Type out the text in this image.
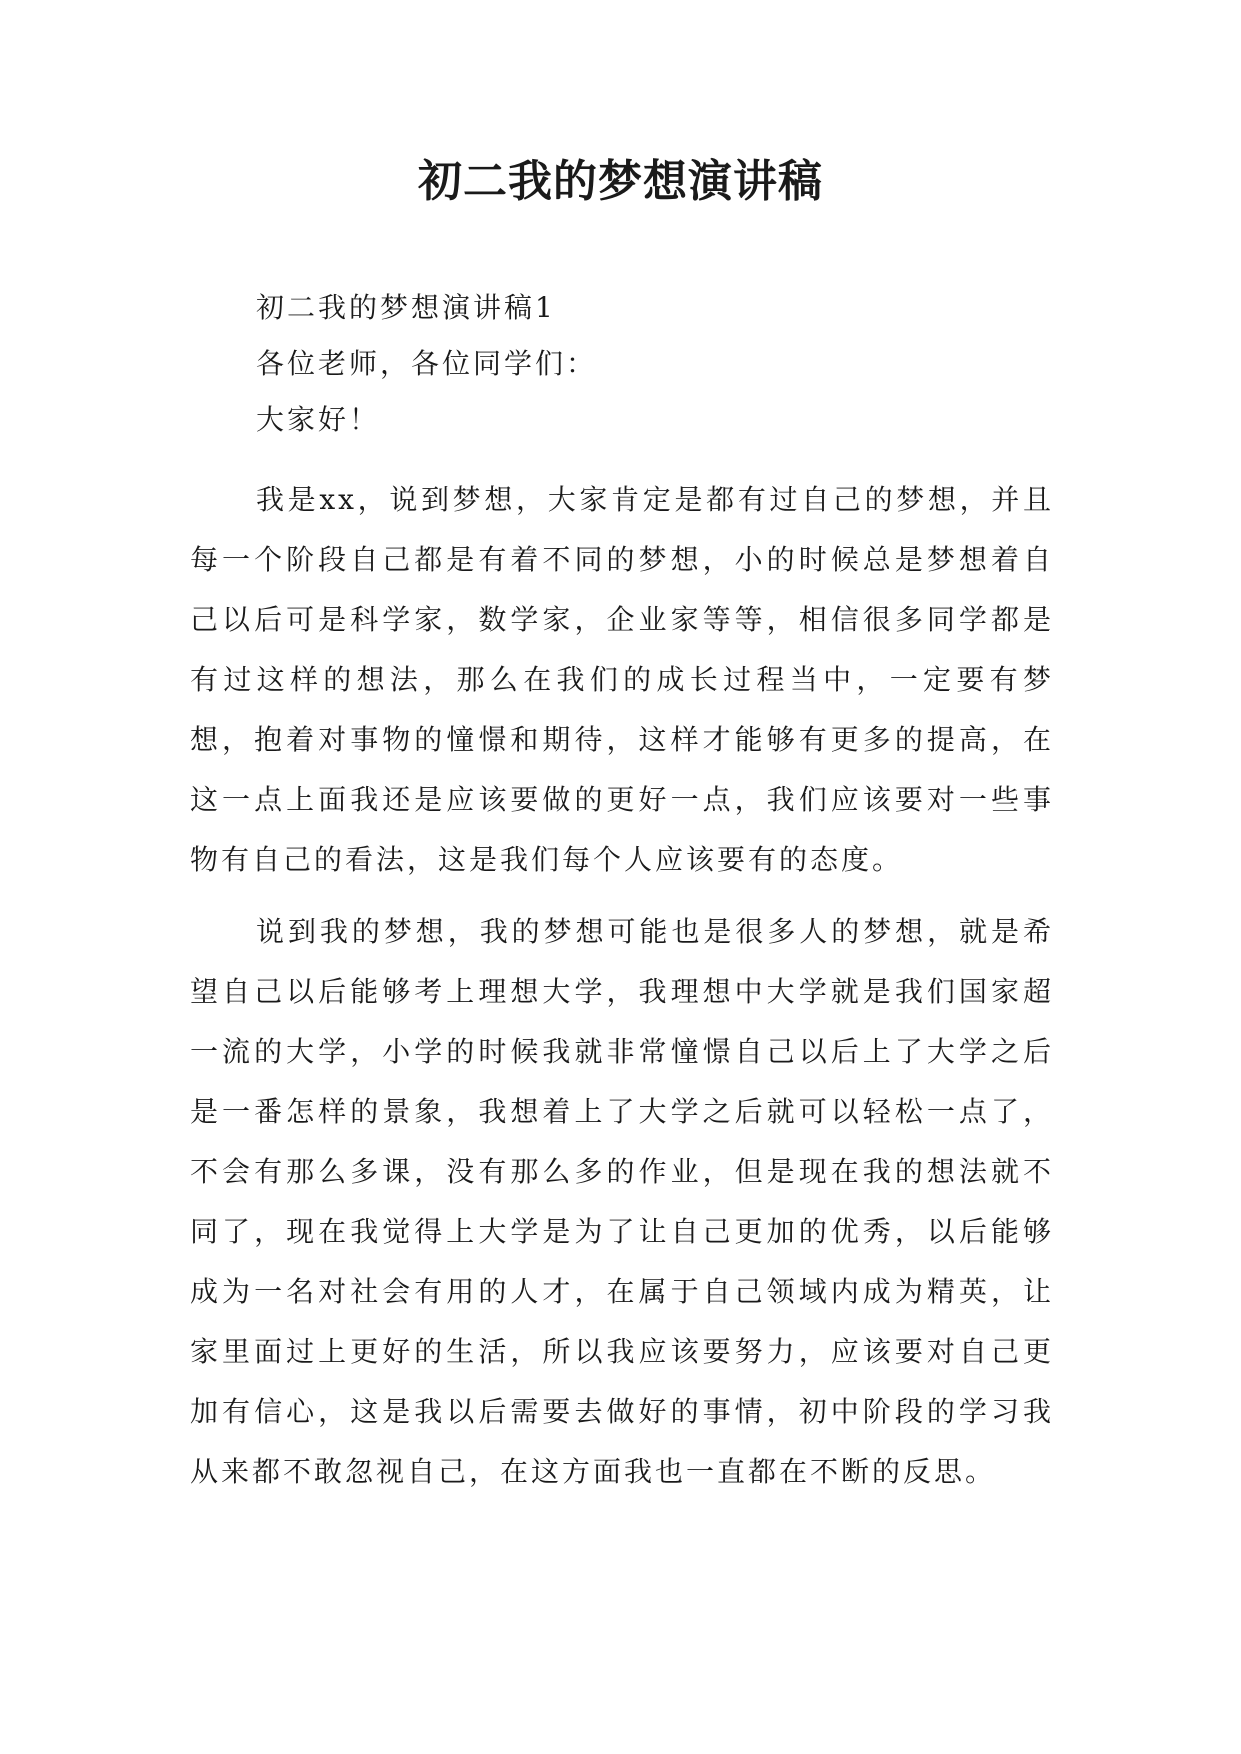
初二我的梦想演讲稿

初二我的梦想演讲稿1

各位老师，各位同学们：

大家好！

我是xx，说到梦想，大家肯定是都有过自己的梦想，并且每一个阶段自己都是有着不同的梦想，小的时候总是梦想着自己以后可是科学家，数学家，企业家等等，相信很多同学都是有过这样的想法，那么在我们的成长过程当中，一定要有梦想，抱着对事物的憧憬和期待，这样才能够有更多的提高，在这一点上面我还是应该要做的更好一点，我们应该要对一些事物有自己的看法，这是我们每个人应该要有的态度。

说到我的梦想，我的梦想可能也是很多人的梦想，就是希望自己以后能够考上理想大学，我理想中大学就是我们国家超一流的大学，小学的时候我就非常憧憬自己以后上了大学之后是一番怎样的景象，我想着上了大学之后就可以轻松一点了，不会有那么多课，没有那么多的作业，但是现在我的想法就不同了，现在我觉得上大学是为了让自己更加的优秀，以后能够成为一名对社会有用的人才，在属于自己领域内成为精英，让家里面过上更好的生活，所以我应该要努力，应该要对自己更加有信心，这是我以后需要去做好的事情，初中阶段的学习我从来都不敢忽视自己，在这方面我也一直都在不断的反思。
